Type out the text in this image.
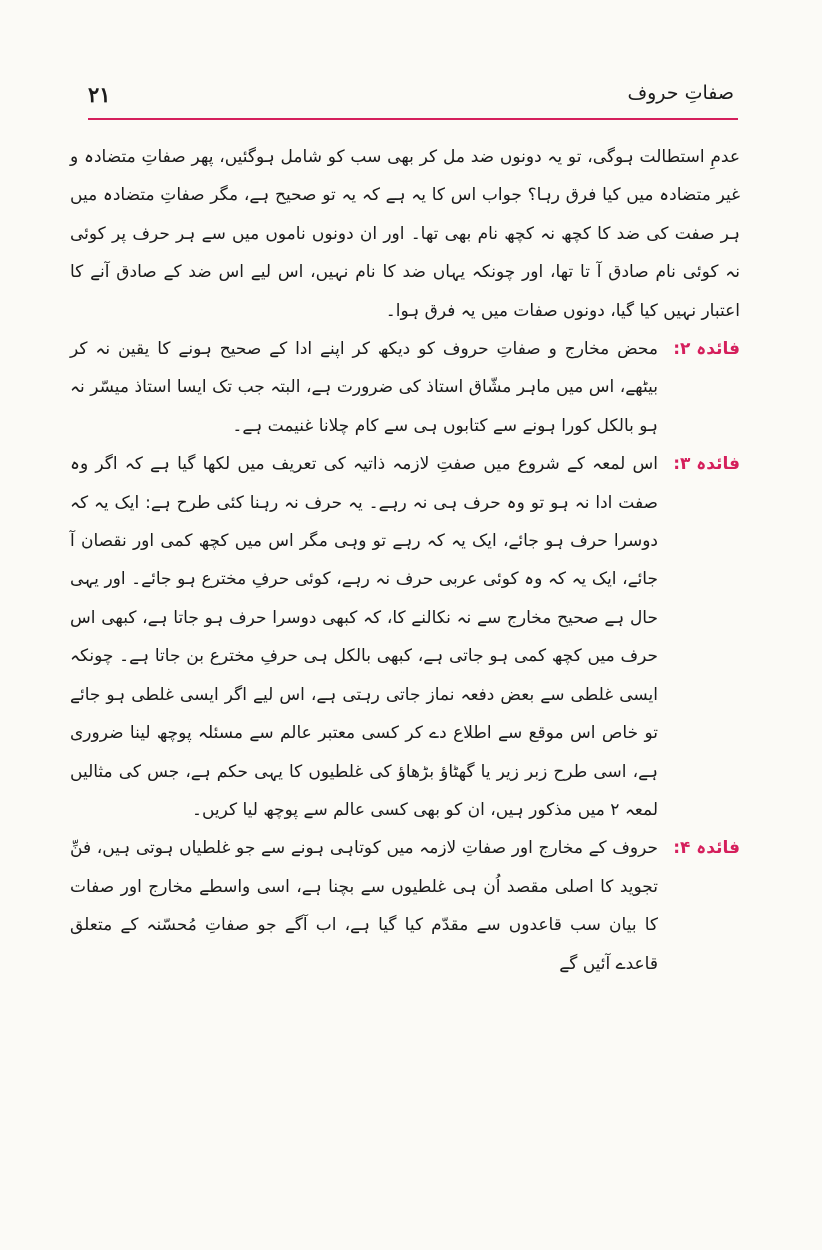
۲۱	صفاتِ حروف

عدمِ استطالت ہوگی، تو یہ دونوں ضد مل کر بھی سب کو شامل ہوگئیں، پھر صفاتِ متضادہ و غیر متضادہ میں کیا فرق رہا؟ جواب اس کا یہ ہے کہ یہ تو صحیح ہے، مگر صفاتِ متضادہ میں ہر صفت کی ضد کا کچھ نہ کچھ نام بھی تھا۔ اور ان دونوں ناموں میں سے ہر حرف پر کوئی نہ کوئی نام صادق آ تا تھا، اور چونکہ یہاں ضد کا نام نہیں، اس لیے اس ضد کے صادق آنے کا اعتبار نہیں کیا گیا، دونوں صفات میں یہ فرق ہوا۔

فائدہ ۲:
محض مخارج و صفاتِ حروف کو دیکھ کر اپنے ادا کے صحیح ہونے کا یقین نہ کر بیٹھے، اس میں ماہر مشّاق استاذ کی ضرورت ہے، البتہ جب تک ایسا استاذ میسّر نہ ہو بالکل کورا ہونے سے کتابوں ہی سے کام چلانا غنیمت ہے۔
فائدہ ۳:
اس لمعہ کے شروع میں صفتِ لازمہ ذاتیہ کی تعریف میں لکھا گیا ہے کہ اگر وہ صفت ادا نہ ہو تو وہ حرف ہی نہ رہے۔ یہ حرف نہ رہنا کئی طرح ہے: ایک یہ کہ دوسرا حرف ہو جائے، ایک یہ کہ رہے تو وہی مگر اس میں کچھ کمی اور نقصان آ جائے، ایک یہ کہ وہ کوئی عربی حرف نہ رہے، کوئی حرفِ مخترع ہو جائے۔ اور یہی حال ہے صحیح مخارج سے نہ نکالنے کا، کہ کبھی دوسرا حرف ہو جاتا ہے، کبھی اس حرف میں کچھ کمی ہو جاتی ہے، کبھی بالکل ہی حرفِ مخترع بن جاتا ہے۔ چونکہ ایسی غلطی سے بعض دفعہ نماز جاتی رہتی ہے، اس لیے اگر ایسی غلطی ہو جائے تو خاص اس موقع سے اطلاع دے کر کسی معتبر عالم سے مسئلہ پوچھ لینا ضروری ہے، اسی طرح زبر زیر یا گھٹاؤ بڑھاؤ کی غلطیوں کا یہی حکم ہے، جس کی مثالیں لمعہ ۲ میں مذکور ہیں، ان کو بھی کسی عالم سے پوچھ لیا کریں۔
فائدہ ۴:
حروف کے مخارج اور صفاتِ لازمہ میں کوتاہی ہونے سے جو غلطیاں ہوتی ہیں، فنِّ تجوید کا اصلی مقصد اُن ہی غلطیوں سے بچنا ہے، اسی واسطے مخارج اور صفات کا بیان سب قاعدوں سے مقدّم کیا گیا ہے، اب آگے جو صفاتِ مُحسّنہ کے متعلق قاعدے آئیں گے
